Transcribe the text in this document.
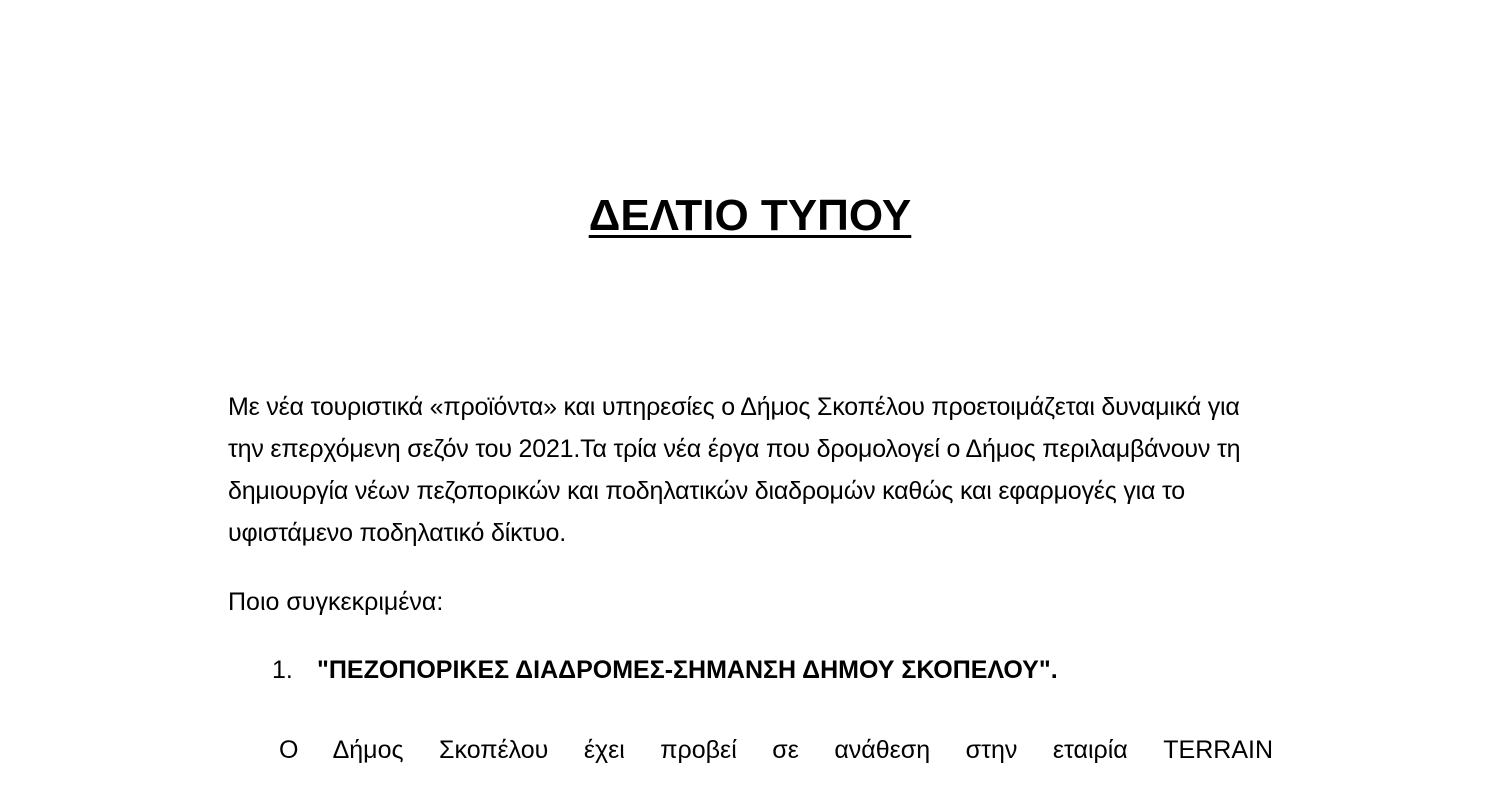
ΔΕΛΤΙΟ ΤΥΠΟΥ

Με νέα τουριστικά «προϊόντα» και υπηρεσίες ο Δήμος Σκοπέλου προετοιμάζεται δυναμικά για την επερχόμενη σεζόν του 2021.Τα τρία νέα έργα που δρομολογεί ο Δήμος περιλαμβάνουν τη δημιουργία νέων πεζοπορικών και ποδηλατικών διαδρομών καθώς και εφαρμογές για το υφιστάμενο ποδηλατικό δίκτυο.

Ποιο συγκεκριμένα:

1. "ΠΕΖΟΠΟΡΙΚΕΣ ΔΙΑΔΡΟΜΕΣ-ΣΗΜΑΝΣΗ ΔΗΜΟΥ ΣΚΟΠΕΛΟΥ".

Ο Δήμος Σκοπέλου έχει προβεί σε ανάθεση στην εταιρία TERRAIN
